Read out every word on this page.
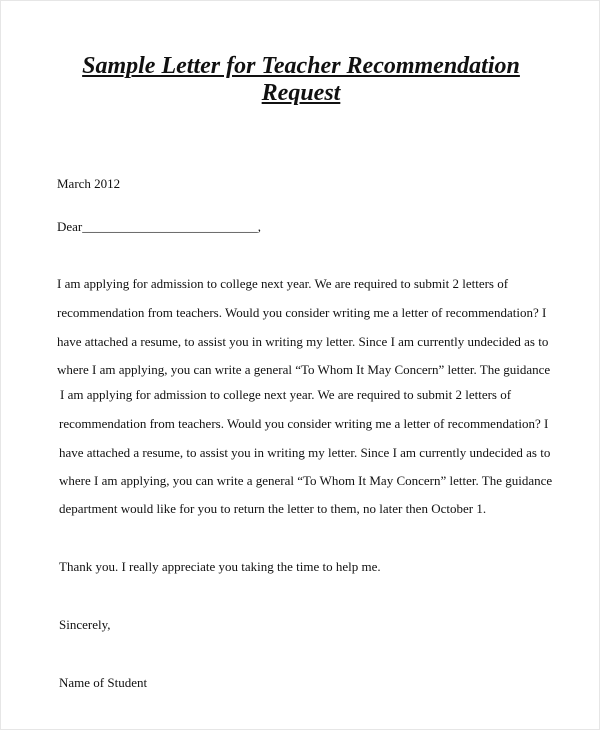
Sample Letter for Teacher Recommendation
Request
March 2012
Dear___________________________,
I am applying for admission to college next year. We are required to submit 2 letters of
recommendation from teachers. Would you consider writing me a letter of recommendation? I
have attached a resume, to assist you in writing my letter. Since I am currently undecided as to
where I am applying, you can write a general “To Whom It May Concern” letter. The guidance
I am applying for admission to college next year. We are required to submit 2 letters of
recommendation from teachers. Would you consider writing me a letter of recommendation? I
have attached a resume, to assist you in writing my letter. Since I am currently undecided as to
where I am applying, you can write a general “To Whom It May Concern” letter. The guidance
department would like for you to return the letter to them, no later then October 1.
Thank you. I really appreciate you taking the time to help me.
Sincerely,
Name of Student
